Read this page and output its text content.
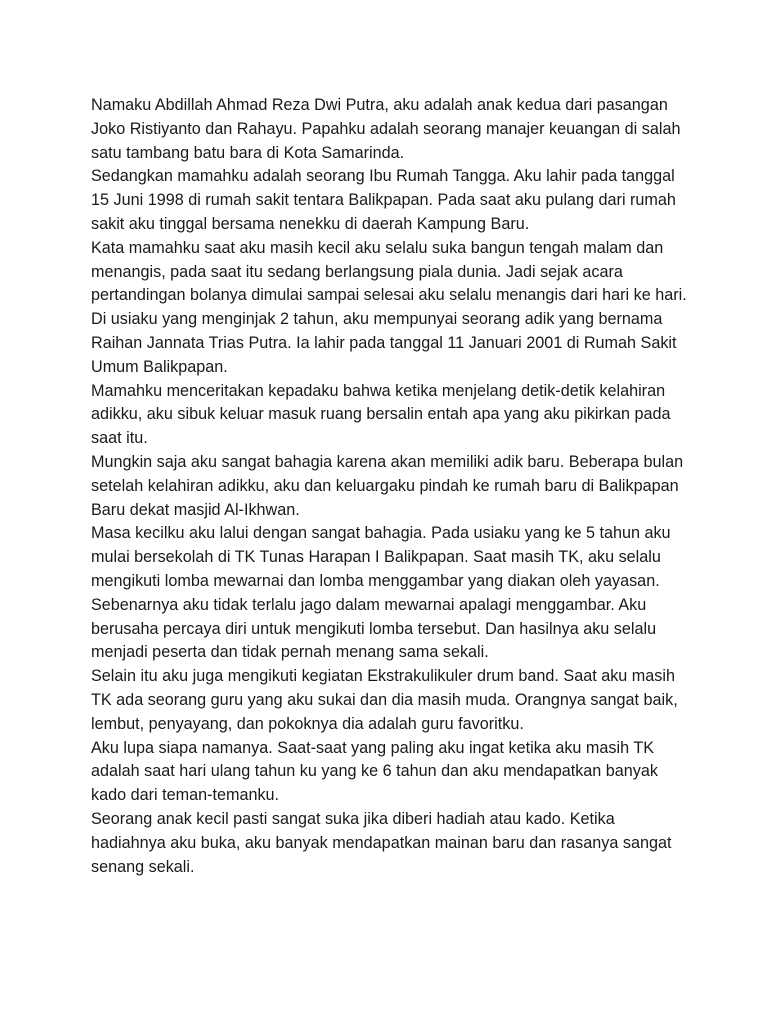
Namaku Abdillah Ahmad Reza Dwi Putra, aku adalah anak kedua dari pasangan Joko Ristiyanto dan Rahayu. Papahku adalah seorang manajer keuangan di salah satu tambang batu bara di Kota Samarinda.

Sedangkan mamahku adalah seorang Ibu Rumah Tangga. Aku lahir pada tanggal 15 Juni 1998 di rumah sakit tentara Balikpapan. Pada saat aku pulang dari rumah sakit aku tinggal bersama nenekku di daerah Kampung Baru.

Kata mamahku saat aku masih kecil aku selalu suka bangun tengah malam dan menangis, pada saat itu sedang berlangsung piala dunia. Jadi sejak acara pertandingan bolanya dimulai sampai selesai aku selalu menangis dari hari ke hari.

Di usiaku yang menginjak 2 tahun, aku mempunyai seorang adik yang bernama Raihan Jannata Trias Putra. Ia lahir pada tanggal 11 Januari 2001 di Rumah Sakit Umum Balikpapan.

Mamahku menceritakan kepadaku bahwa ketika menjelang detik-detik kelahiran adikku, aku sibuk keluar masuk ruang bersalin entah apa yang aku pikirkan pada saat itu.

Mungkin saja aku sangat bahagia karena akan memiliki adik baru. Beberapa bulan setelah kelahiran adikku, aku dan keluargaku pindah ke rumah baru di Balikpapan Baru dekat masjid Al-Ikhwan.

Masa kecilku aku lalui dengan sangat bahagia. Pada usiaku yang ke 5 tahun aku mulai bersekolah di TK Tunas Harapan I Balikpapan. Saat masih TK, aku selalu mengikuti lomba mewarnai dan lomba menggambar yang diakan oleh yayasan. Sebenarnya aku tidak terlalu jago dalam mewarnai apalagi menggambar. Aku berusaha percaya diri untuk mengikuti lomba tersebut. Dan hasilnya aku selalu menjadi peserta dan tidak pernah menang sama sekali.

Selain itu aku juga mengikuti kegiatan Ekstrakulikuler drum band. Saat aku masih TK ada seorang guru yang aku sukai dan dia masih muda. Orangnya sangat baik, lembut, penyayang, dan pokoknya dia adalah guru favoritku.

Aku lupa siapa namanya. Saat-saat yang paling aku ingat ketika aku masih TK adalah saat hari ulang tahun ku yang ke 6 tahun dan aku mendapatkan banyak kado dari teman-temanku.

Seorang anak kecil pasti sangat suka jika diberi hadiah atau kado. Ketika hadiahnya aku buka, aku banyak mendapatkan mainan baru dan rasanya sangat senang sekali.
